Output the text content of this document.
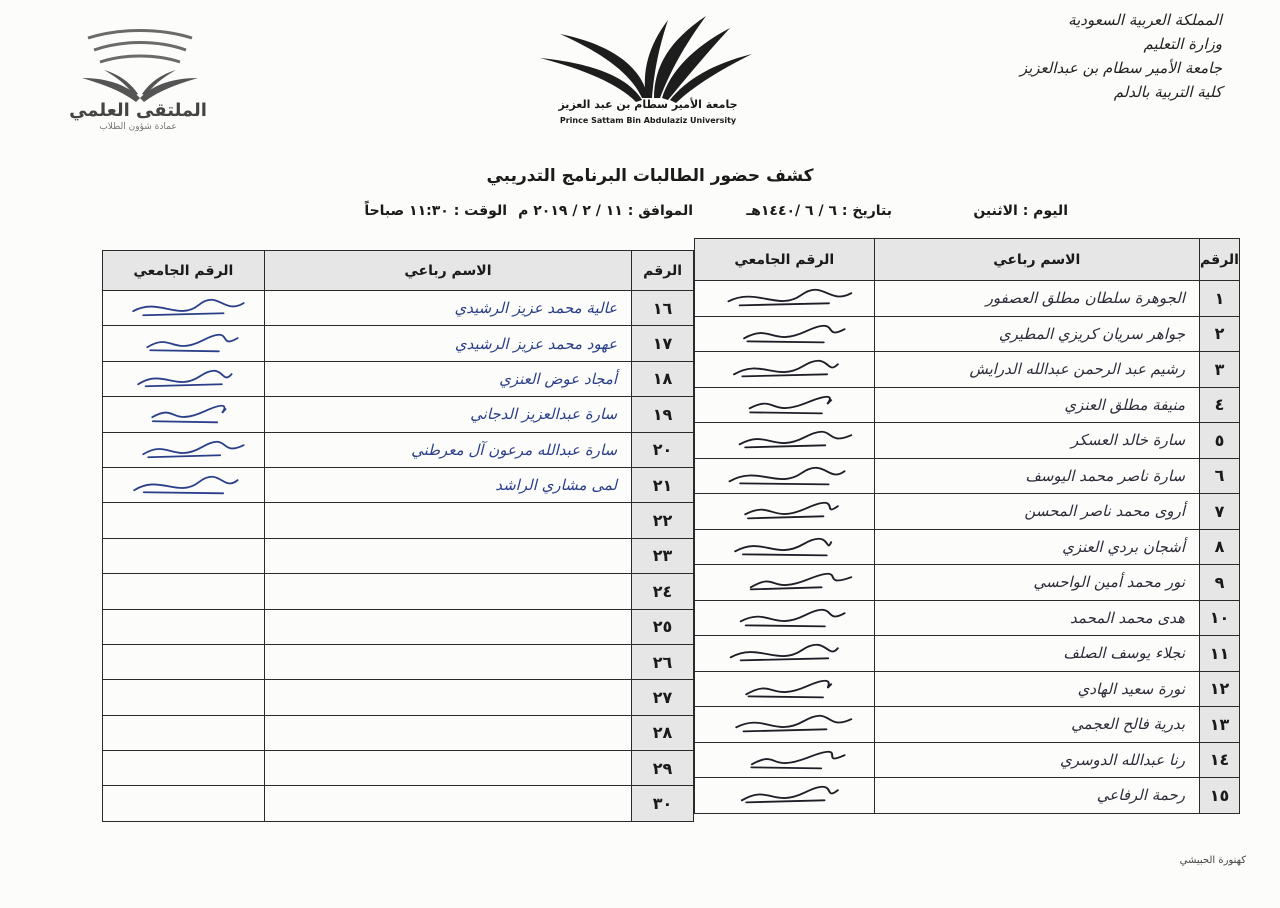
المملكة العربية السعودية
وزارة التعليم
جامعة الأمير سطام بن عبدالعزيز
كلية التربية بالدلم
جامعة الأمير سطام بن عبد العزيز
Prince Sattam Bin Abdulaziz University
الملتقى العلمي
عمادة شؤون الطلاب
كشف حضور الطالبات البرنامج التدريبي
اليوم : الاثنين
بتاريخ : ٦ / ٦ /١٤٤٠هـ
الموافق : ١١ / ٢ / ٢٠١٩ م
الوقت : ١١:٣٠ صباحاً
الرقم	الاسم رباعي	الرقم الجامعي
١	الجوهرة سلطان مطلق العصفور	

٢	جواهر سريان كريزي المطيري	

٣	رشيم عبد الرحمن عبدالله الدرايش	

٤	منيفة مطلق العنزي	

٥	سارة خالد العسكر	

٦	سارة ناصر محمد اليوسف	

٧	أروى محمد ناصر المحسن	

٨	أشجان بردي العنزي	

٩	نور محمد أمين الواحسي	

١٠	هدى محمد المحمد	

١١	نجلاء يوسف الصلف	

١٢	نورة سعيد الهادي	

١٣	بدرية فالح العجمي	

١٤	رنا عبدالله الدوسري	

١٥	رحمة الرفاعي	
الرقم	الاسم رباعي	الرقم الجامعي
١٦	عالية محمد عزيز الرشيدي	

١٧	عهود محمد عزيز الرشيدي	

١٨	أمجاد عوض العنزي	

١٩	سارة عبدالعزيز الدجاني	

٢٠	سارة عبدالله مرعون آل معرطني	

٢١	لمى مشاري الراشد	

٢٢		
٢٣		
٢٤		
٢٥		
٢٦		
٢٧		
٢٨		
٢٩		
٣٠		
كهنورة الحبيشي
